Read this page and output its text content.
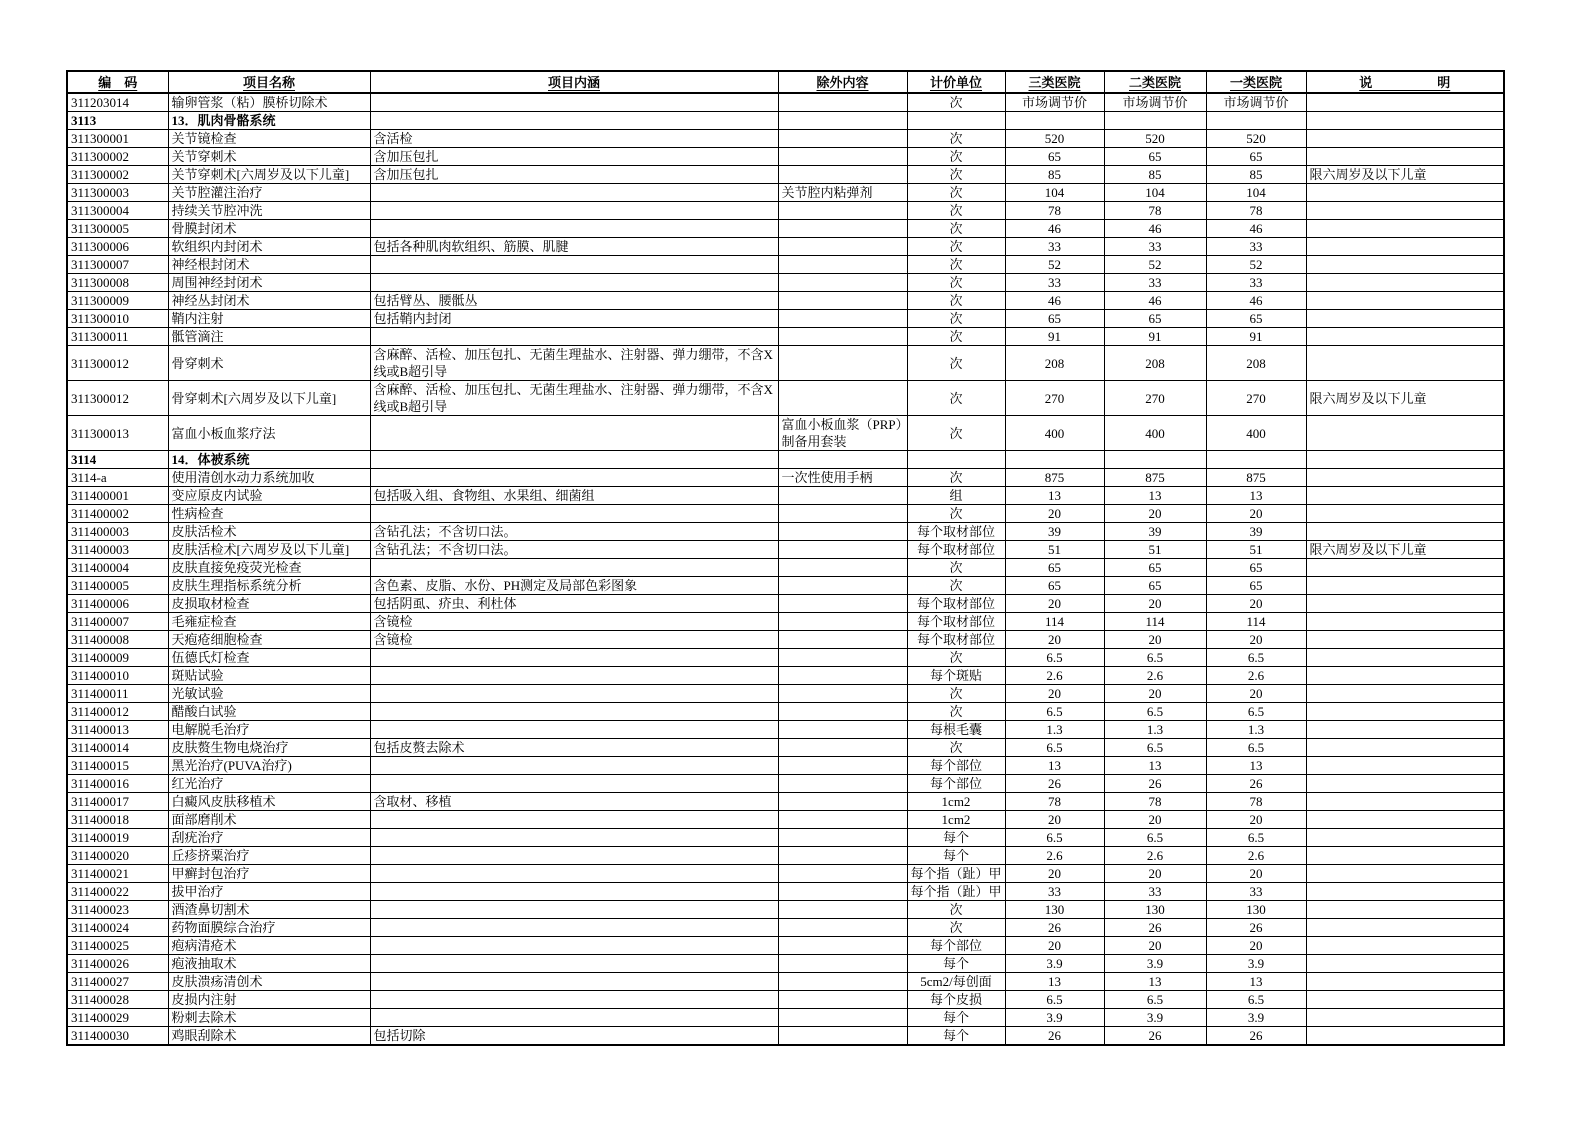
编　码	项目名称	项目内涵	除外内容	计价单位	三类医院	二类医院	一类医院	说　　　　　明
311203014	输卵管浆（粘）膜桥切除术			次	市场调节价	市场调节价	市场调节价	
3113	13．肌肉骨骼系统							
311300001	关节镜检查	含活检		次	520	520	520	
311300002	关节穿刺术	含加压包扎		次	65	65	65	
311300002	关节穿刺术[六周岁及以下儿童]	含加压包扎		次	85	85	85	限六周岁及以下儿童
311300003	关节腔灌注治疗		关节腔内粘弹剂	次	104	104	104	
311300004	持续关节腔冲洗			次	78	78	78	
311300005	骨膜封闭术			次	46	46	46	
311300006	软组织内封闭术	包括各种肌肉软组织、筋膜、肌腱		次	33	33	33	
311300007	神经根封闭术			次	52	52	52	
311300008	周围神经封闭术			次	33	33	33	
311300009	神经丛封闭术	包括臂丛、腰骶丛		次	46	46	46	
311300010	鞘内注射	包括鞘内封闭		次	65	65	65	
311300011	骶管滴注			次	91	91	91	
311300012	骨穿刺术	含麻醉、活检、加压包扎、无菌生理盐水、注射器、弹力绷带，不含X线或B超引导		次	208	208	208	
311300012	骨穿刺术[六周岁及以下儿童]	含麻醉、活检、加压包扎、无菌生理盐水、注射器、弹力绷带，不含X线或B超引导		次	270	270	270	限六周岁及以下儿童
311300013	富血小板血浆疗法		富血小板血浆（PRP）制备用套装	次	400	400	400	
3114	14．体被系统							
3114-a	使用清创水动力系统加收		一次性使用手柄	次	875	875	875	
311400001	变应原皮内试验	包括吸入组、食物组、水果组、细菌组		组	13	13	13	
311400002	性病检查			次	20	20	20	
311400003	皮肤活检术	含钻孔法；不含切口法。		每个取材部位	39	39	39	
311400003	皮肤活检术[六周岁及以下儿童]	含钻孔法；不含切口法。		每个取材部位	51	51	51	限六周岁及以下儿童
311400004	皮肤直接免疫荧光检查			次	65	65	65	
311400005	皮肤生理指标系统分析	含色素、皮脂、水份、PH测定及局部色彩图象		次	65	65	65	
311400006	皮损取材检查	包括阴虱、疥虫、利杜体		每个取材部位	20	20	20	
311400007	毛雍症检查	含镜检		每个取材部位	114	114	114	
311400008	天疱疮细胞检查	含镜检		每个取材部位	20	20	20	
311400009	伍德氏灯检查			次	6.5	6.5	6.5	
311400010	斑贴试验			每个斑贴	2.6	2.6	2.6	
311400011	光敏试验			次	20	20	20	
311400012	醋酸白试验			次	6.5	6.5	6.5	
311400013	电解脱毛治疗			每根毛囊	1.3	1.3	1.3	
311400014	皮肤赘生物电烧治疗	包括皮赘去除术		次	6.5	6.5	6.5	
311400015	黑光治疗(PUVA治疗)			每个部位	13	13	13	
311400016	红光治疗			每个部位	26	26	26	
311400017	白癜风皮肤移植术	含取材、移植		1cm2	78	78	78	
311400018	面部磨削术			1cm2	20	20	20	
311400019	刮疣治疗			每个	6.5	6.5	6.5	
311400020	丘疹挤粟治疗			每个	2.6	2.6	2.6	
311400021	甲癣封包治疗			每个指（趾）甲	20	20	20	
311400022	拔甲治疗			每个指（趾）甲	33	33	33	
311400023	酒渣鼻切割术			次	130	130	130	
311400024	药物面膜综合治疗			次	26	26	26	
311400025	疱病清疮术			每个部位	20	20	20	
311400026	疱液抽取术			每个	3.9	3.9	3.9	
311400027	皮肤溃疡清创术			5cm2/每创面	13	13	13	
311400028	皮损内注射			每个皮损	6.5	6.5	6.5	
311400029	粉刺去除术			每个	3.9	3.9	3.9	
311400030	鸡眼刮除术	包括切除		每个	26	26	26	
